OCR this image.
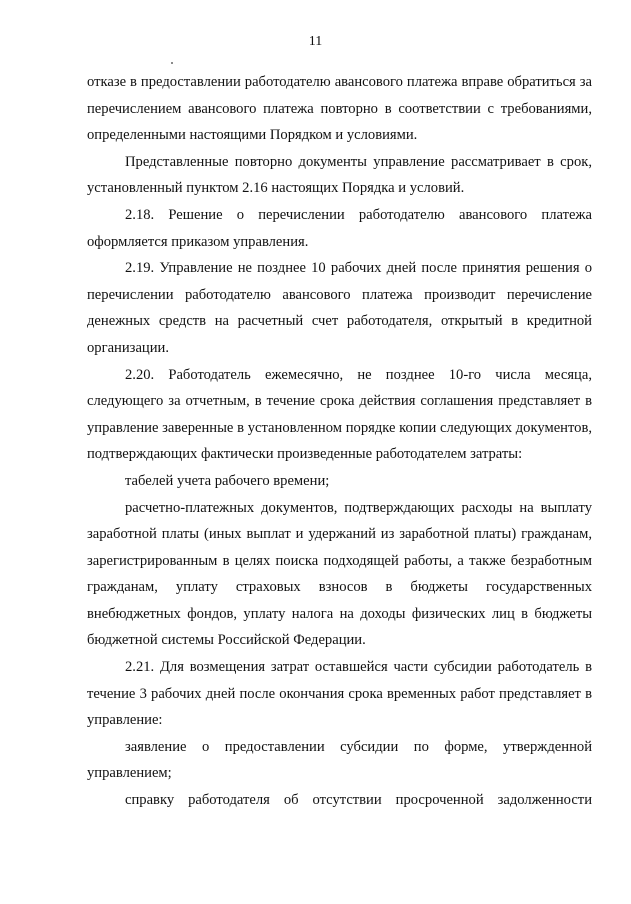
11

отказе в предоставлении работодателю авансового платежа вправе обратиться за перечислением авансового платежа повторно в соответствии с требованиями, определенными настоящими Порядком и условиями.

Представленные повторно документы управление рассматривает в срок, установленный пунктом 2.16 настоящих Порядка и условий.

2.18. Решение о перечислении работодателю авансового платежа оформляется приказом управления.

2.19. Управление не позднее 10 рабочих дней после принятия решения о перечислении работодателю авансового платежа производит перечисление денежных средств на расчетный счет работодателя, открытый в кредитной организации.

2.20. Работодатель ежемесячно, не позднее 10-го числа месяца, следующего за отчетным, в течение срока действия соглашения представляет в управление заверенные в установленном порядке копии следующих документов, подтверждающих фактически произведенные работодателем затраты:

табелей учета рабочего времени;

расчетно-платежных документов, подтверждающих расходы на выплату заработной платы (иных выплат и удержаний из заработной платы) гражданам, зарегистрированным в целях поиска подходящей работы, а также безработным гражданам, уплату страховых взносов в бюджеты государственных внебюджетных фондов, уплату налога на доходы физических лиц в бюджеты бюджетной системы Российской Федерации.

2.21. Для возмещения затрат оставшейся части субсидии работодатель в течение 3 рабочих дней после окончания срока временных работ представляет в управление:

заявление о предоставлении субсидии по форме, утвержденной управлением;

справку работодателя об отсутствии просроченной задолженности
